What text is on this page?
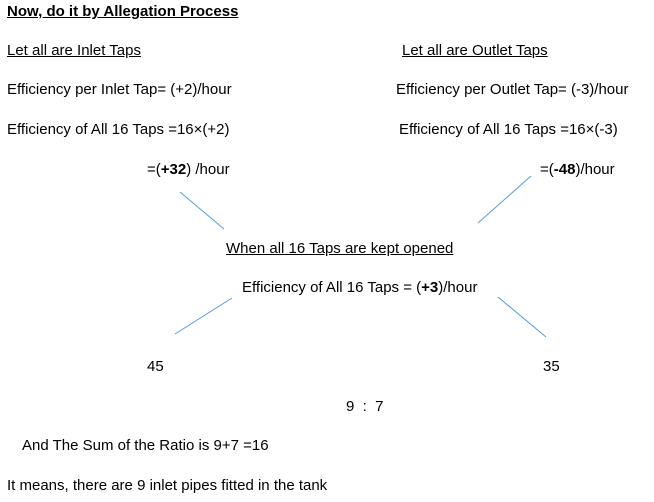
Now, do it by Allegation Process
Let all are Inlet Taps	Let all are Outlet Taps
Efficiency per Inlet Tap= (+2)/hour	Efficiency per Outlet Tap= (-3)/hour
Efficiency of All 16 Taps =16×(+2)	Efficiency of All 16 Taps =16×(-3)
=(+32) /hour	=(-48)/hour
When all 16 Taps are kept opened
Efficiency of All 16 Taps = (+3)/hour
45	35
9  :  7
And The Sum of the Ratio is 9+7 =16
It means, there are 9 inlet pipes fitted in the tank
